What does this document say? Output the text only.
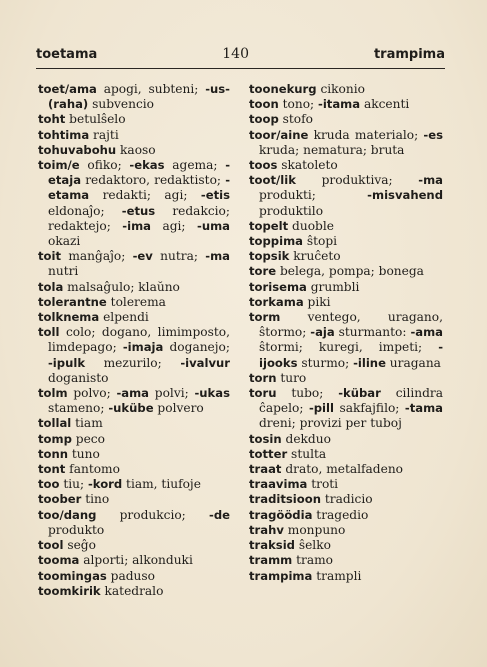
toetama	140	trampima

toet/ama apogi, subteni; -us-(raha) subvencio

toht betulŝelo

tohtima rajti

tohuvabohu kaoso

toim/e ofiko; -ekas agema; -etaja redaktoro, redaktisto; -etama redakti; agi; -etis eldonaĵo; -etus redakcio; redaktejo; -ima agi; -uma okazi

toit manĝaĵo; -ev nutra; -ma nutri

tola malsaĝulo; klaŭno

tolerantne tolerema

tolknema elpendi

toll colo; dogano, limimposto, limdepago; -imaja doganejo; -ipulk mezurilo; -ivalvur doganisto

tolm polvo; -ama polvi; -ukas stameno; -ukübe polvero

tollal tiam

tomp peco

tonn tuno

tont fantomo

too tiu; -kord tiam, tiufoje

toober tino

too/dang produkcio; -de produkto

tool seĝo

tooma alporti; alkonduki

toomingas paduso

toomkirik katedralo

toonekurg cikonio

toon tono; -itama akcenti

toop stofo

toor/aine kruda materialo; -es kruda; nematura; bruta

toos skatoleto

toot/lik produktiva; -ma produkti; -misvahend produktilo

topelt duoble

toppima ŝtopi

topsik kruĉeto

tore belega, pompa; bonega

torisema grumbli

torkama piki

torm ventego, uragano, ŝtormo; -aja sturmanto: -ama ŝtormi; kuregi, impeti; -ijooks sturmo; -iline uragana

torn turo

toru tubo; -kübar cilindra ĉapelo; -pill sakfajfilo; -tama dreni; provizi per tuboj

tosin dekduo

totter stulta

traat drato, metalfadeno

traavima troti

traditsioon tradicio

tragöödia tragedio

trahv monpuno

traksid ŝelko

tramm tramo

trampima trampli
